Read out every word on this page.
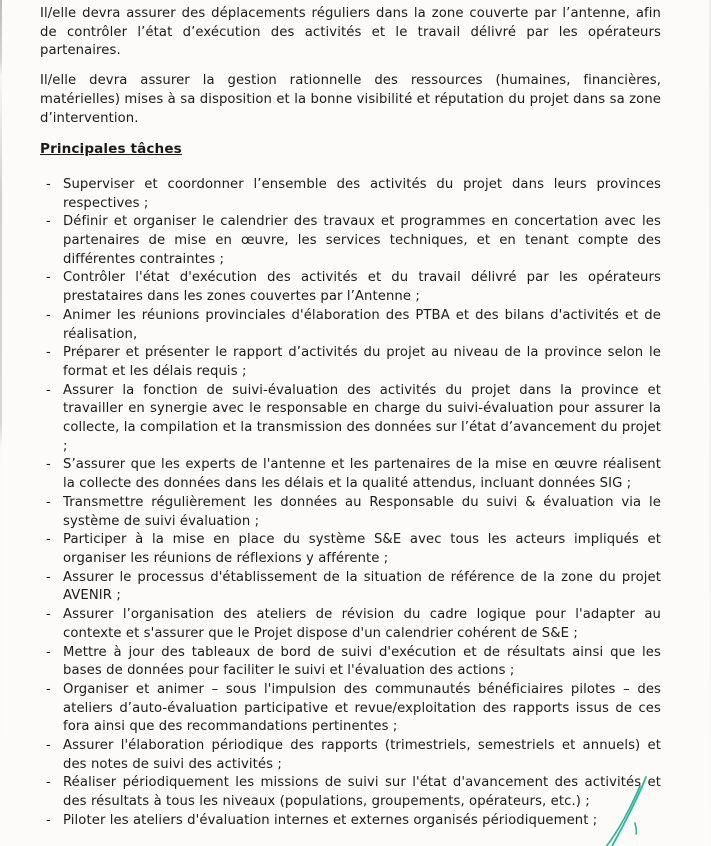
Il/elle devra assurer des déplacements réguliers dans la zone couverte par l’antenne, afin de contrôler l’état d’exécution des activités et le travail délivré par les opérateurs partenaires.

Il/elle devra assurer la gestion rationnelle des ressources (humaines, financières, matérielles) mises à sa disposition et la bonne visibilité et réputation du projet dans sa zone d’intervention.

Principales tâches
- Superviser et coordonner l’ensemble des activités du projet dans leurs provinces respectives ;
- Définir et organiser le calendrier des travaux et programmes en concertation avec les partenaires de mise en œuvre, les services techniques, et en tenant compte des différentes contraintes ;
- Contrôler l'état d'exécution des activités et du travail délivré par les opérateurs prestataires dans les zones couvertes par l’Antenne ;
- Animer les réunions provinciales d'élaboration des PTBA et des bilans d'activités et de réalisation,
- Préparer et présenter le rapport d’activités du projet au niveau de la province selon le format et les délais requis ;
- Assurer la fonction de suivi-évaluation des activités du projet dans la province et travailler en synergie avec le responsable en charge du suivi-évaluation pour assurer la collecte, la compilation et la transmission des données sur l’état d’avancement du projet ;
- S’assurer que les experts de l'antenne et les partenaires de la mise en œuvre réalisent la collecte des données dans les délais et la qualité attendus, incluant données SIG ;
- Transmettre régulièrement les données au Responsable du suivi & évaluation via le système de suivi évaluation ;
- Participer à la mise en place du système S&E avec tous les acteurs impliqués et organiser les réunions de réflexions y afférente ;
- Assurer le processus d'établissement de la situation de référence de la zone du projet AVENIR ;
- Assurer l’organisation des ateliers de révision du cadre logique pour l'adapter au contexte et s'assurer que le Projet dispose d'un calendrier cohérent de S&E ;
- Mettre à jour des tableaux de bord de suivi d'exécution et de résultats ainsi que les bases de données pour faciliter le suivi et l'évaluation des actions ;
- Organiser et animer – sous l'impulsion des communautés bénéficiaires pilotes – des ateliers d’auto-évaluation participative et revue/exploitation des rapports issus de ces fora ainsi que des recommandations pertinentes ;
- Assurer l'élaboration périodique des rapports (trimestriels, semestriels et annuels) et des notes de suivi des activités ;
- Réaliser périodiquement les missions de suivi sur l'état d'avancement des activités et des résultats à tous les niveaux (populations, groupements, opérateurs, etc.) ;
- Piloter les ateliers d'évaluation internes et externes organisés périodiquement ;
